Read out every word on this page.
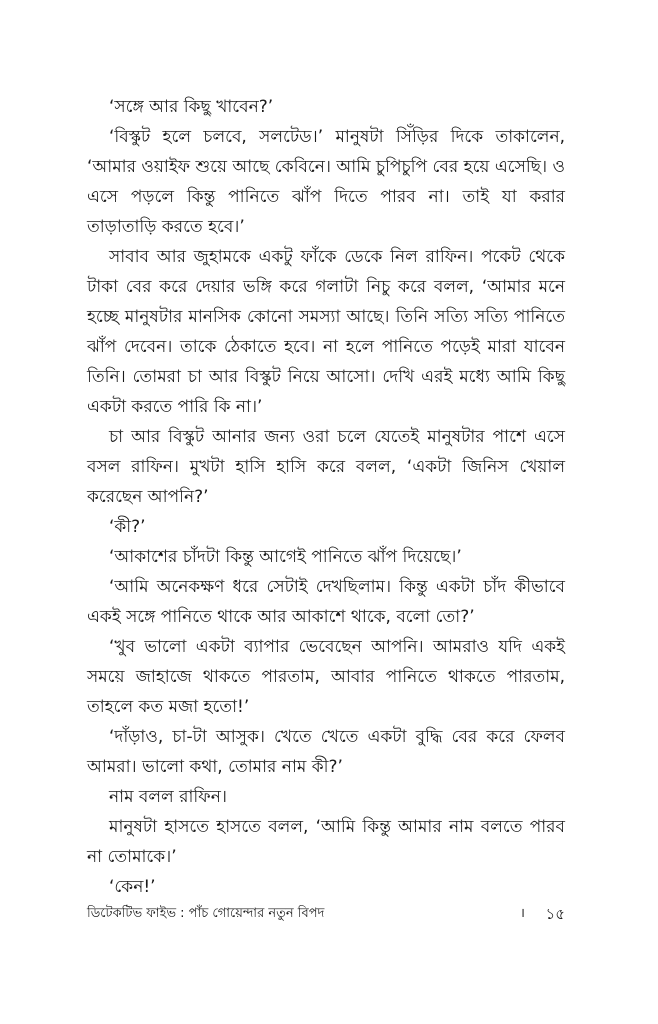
‘সঙ্গে আর কিছু খাবেন?’

‘বিস্কুট হলে চলবে, সলটেড।’ মানুষটা সিঁড়ির দিকে তাকালেন, ‘আমার ওয়াইফ শুয়ে আছে কেবিনে। আমি চুপিচুপি বের হয়ে এসেছি। ও এসে পড়লে কিন্তু পানিতে ঝাঁপ দিতে পারব না। তাই যা করার তাড়াতাড়ি করতে হবে।’

সাবাব আর জুহামকে একটু ফাঁকে ডেকে নিল রাফিন। পকেট থেকে টাকা বের করে দেয়ার ভঙ্গি করে গলাটা নিচু করে বলল, ‘আমার মনে হচ্ছে মানুষটার মানসিক কোনো সমস্যা আছে। তিনি সত্যি সত্যি পানিতে ঝাঁপ দেবেন। তাকে ঠেকাতে হবে। না হলে পানিতে পড়েই মারা যাবেন তিনি। তোমরা চা আর বিস্কুট নিয়ে আসো। দেখি এরই মধ্যে আমি কিছু একটা করতে পারি কি না।’

চা আর বিস্কুট আনার জন্য ওরা চলে যেতেই মানুষটার পাশে এসে বসল রাফিন। মুখটা হাসি হাসি করে বলল, ‘একটা জিনিস খেয়াল করেছেন আপনি?’

‘কী?’

‘আকাশের চাঁদটা কিন্তু আগেই পানিতে ঝাঁপ দিয়েছে।’

‘আমি অনেকক্ষণ ধরে সেটাই দেখছিলাম। কিন্তু একটা চাঁদ কীভাবে একই সঙ্গে পানিতে থাকে আর আকাশে থাকে, বলো তো?’

‘খুব ভালো একটা ব্যাপার ভেবেছেন আপনি। আমরাও যদি একই সময়ে জাহাজে থাকতে পারতাম, আবার পানিতে থাকতে পারতাম, তাহলে কত মজা হতো!’

‘দাঁড়াও, চা-টা আসুক। খেতে খেতে একটা বুদ্ধি বের করে ফেলব আমরা। ভালো কথা, তোমার নাম কী?’

নাম বলল রাফিন।

মানুষটা হাসতে হাসতে বলল, ‘আমি কিন্তু আমার নাম বলতে পারব না তোমাকে।’

‘কেন!’

ডিটেকটিভ ফাইভ : পাঁচ গোয়েন্দার নতুন বিপদ	। ১৫
